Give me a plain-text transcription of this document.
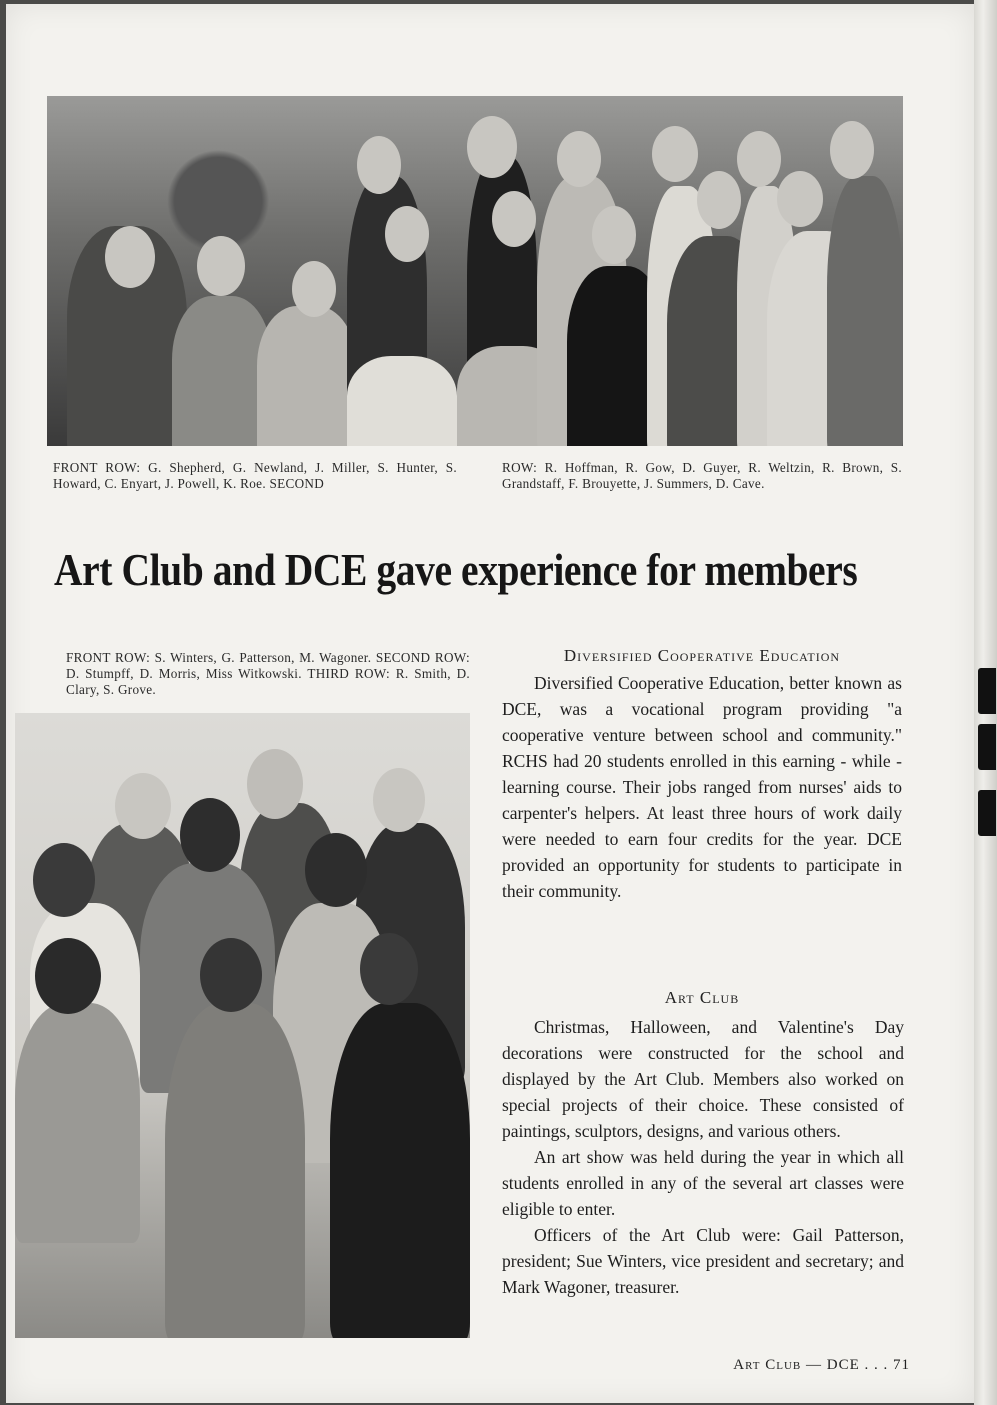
FRONT ROW: G. Shepherd, G. Newland, J. Miller, S. Hunter, S. Howard, C. Enyart, J. Powell, K. Roe. SECOND
ROW: R. Hoffman, R. Gow, D. Guyer, R. Weltzin, R. Brown, S. Grandstaff, F. Brouyette, J. Summers, D. Cave.
Art Club and DCE gave experience for members
FRONT ROW: S. Winters, G. Patterson, M. Wagoner. SECOND ROW: D. Stumpff, D. Morris, Miss Witkowski. THIRD ROW: R. Smith, D. Clary, S. Grove.
Diversified Cooperative Education

Diversified Cooperative Education, better known as DCE, was a vocational program providing "a cooperative venture between school and community." RCHS had 20 students enrolled in this earning - while - learning course. Their jobs ranged from nurses' aids to carpenter's helpers. At least three hours of work daily were needed to earn four credits for the year. DCE provided an opportunity for students to participate in their community.

Art Club

Christmas, Halloween, and Valentine's Day decorations were constructed for the school and displayed by the Art Club. Members also worked on special projects of their choice. These consisted of paintings, sculptors, designs, and various others.

An art show was held during the year in which all students enrolled in any of the several art classes were eligible to enter.

Officers of the Art Club were: Gail Patterson, president; Sue Winters, vice president and secretary; and Mark Wagoner, treasurer.

Art Club — DCE . . . 71
